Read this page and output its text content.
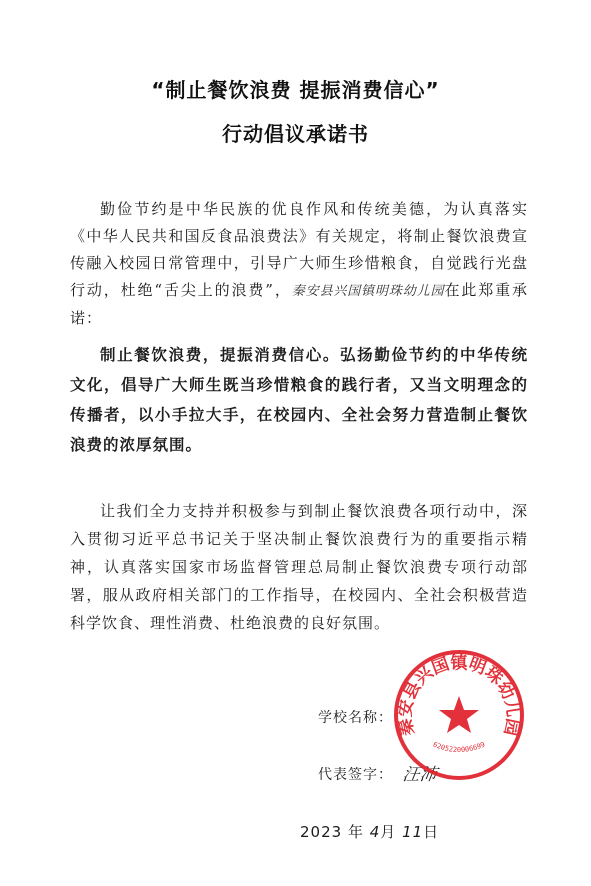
“制止餐饮浪费 提振消费信心”
行动倡议承诺书
勤俭节约是中华民族的优良作风和传统美德，为认真落实《中华人民共和国反食品浪费法》有关规定，将制止餐饮浪费宣传融入校园日常管理中，引导广大师生珍惜粮食，自觉践行光盘行动，杜绝“舌尖上的浪费”，秦安县兴国镇明珠幼儿园在此郑重承诺：
制止餐饮浪费，提振消费信心。弘扬勤俭节约的中华传统文化，倡导广大师生既当珍惜粮食的践行者，又当文明理念的传播者，以小手拉大手，在校园内、全社会努力营造制止餐饮浪费的浓厚氛围。
让我们全力支持并积极参与到制止餐饮浪费各项行动中，深入贯彻习近平总书记关于坚决制止餐饮浪费行为的重要指示精神，认真落实国家市场监督管理总局制止餐饮浪费专项行动部署，服从政府相关部门的工作指导，在校园内、全社会积极营造科学饮食、理性消费、杜绝浪费的良好氛围。
学校名称：
代表签字： 汪沛
2023 年 4月 11日
秦安县兴国镇明珠幼儿园
6205220006699
